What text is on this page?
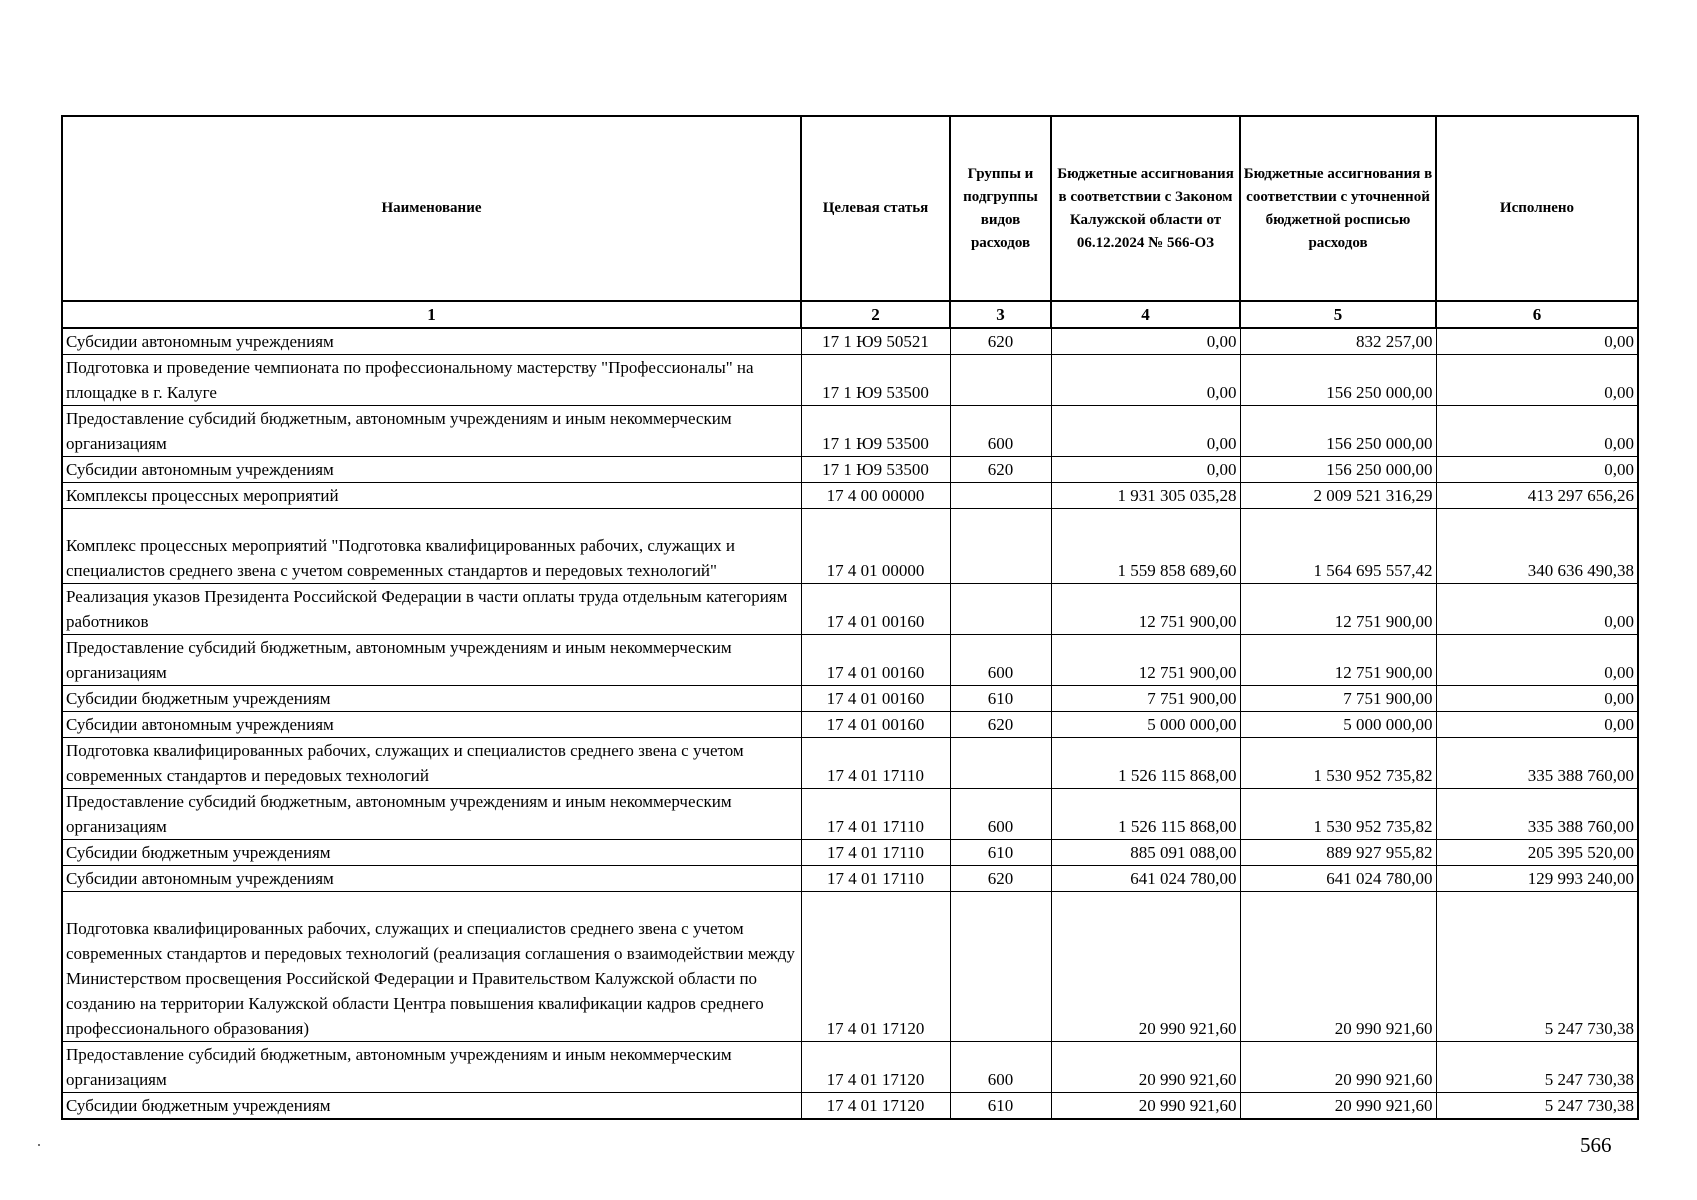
Наименование	Целевая статья	Группы и подгруппы видов расходов	Бюджетные ассигнования в соответствии с Законом Калужской области от 06.12.2024 № 566-ОЗ	Бюджетные ассигнования в соответствии с уточненной бюджетной росписью расходов	Исполнено
1	2	3	4	5	6
Субсидии автономным учреждениям	17 1 Ю9 50521	620	0,00	832 257,00	0,00
Подготовка и проведение чемпионата по профессиональному мастерству "Профессионалы" на площадке в г. Калуге	17 1 Ю9 53500		0,00	156 250 000,00	0,00
Предоставление субсидий бюджетным, автономным учреждениям и иным некоммерческим организациям	17 1 Ю9 53500	600	0,00	156 250 000,00	0,00
Субсидии автономным учреждениям	17 1 Ю9 53500	620	0,00	156 250 000,00	0,00
Комплексы процессных мероприятий	17 4 00 00000		1 931 305 035,28	2 009 521 316,29	413 297 656,26
Комплекс процессных мероприятий "Подготовка квалифицированных рабочих, служащих и специалистов среднего звена с учетом современных стандартов и передовых технологий"	17 4 01 00000		1 559 858 689,60	1 564 695 557,42	340 636 490,38
Реализация указов Президента Российской Федерации в части оплаты труда отдельным категориям работников	17 4 01 00160		12 751 900,00	12 751 900,00	0,00
Предоставление субсидий бюджетным, автономным учреждениям и иным некоммерческим организациям	17 4 01 00160	600	12 751 900,00	12 751 900,00	0,00
Субсидии бюджетным учреждениям	17 4 01 00160	610	7 751 900,00	7 751 900,00	0,00
Субсидии автономным учреждениям	17 4 01 00160	620	5 000 000,00	5 000 000,00	0,00
Подготовка квалифицированных рабочих, служащих и специалистов среднего звена с учетом современных стандартов и передовых технологий	17 4 01 17110		1 526 115 868,00	1 530 952 735,82	335 388 760,00
Предоставление субсидий бюджетным, автономным учреждениям и иным некоммерческим организациям	17 4 01 17110	600	1 526 115 868,00	1 530 952 735,82	335 388 760,00
Субсидии бюджетным учреждениям	17 4 01 17110	610	885 091 088,00	889 927 955,82	205 395 520,00
Субсидии автономным учреждениям	17 4 01 17110	620	641 024 780,00	641 024 780,00	129 993 240,00
Подготовка квалифицированных рабочих, служащих и специалистов среднего звена с учетом современных стандартов и передовых технологий (реализация соглашения о взаимодействии между Министерством просвещения Российской Федерации и Правительством Калужской области по созданию на территории Калужской области Центра повышения квалификации кадров среднего профессионального образования)	17 4 01 17120		20 990 921,60	20 990 921,60	5 247 730,38
Предоставление субсидий бюджетным, автономным учреждениям и иным некоммерческим организациям	17 4 01 17120	600	20 990 921,60	20 990 921,60	5 247 730,38
Субсидии бюджетным учреждениям	17 4 01 17120	610	20 990 921,60	20 990 921,60	5 247 730,38
566
